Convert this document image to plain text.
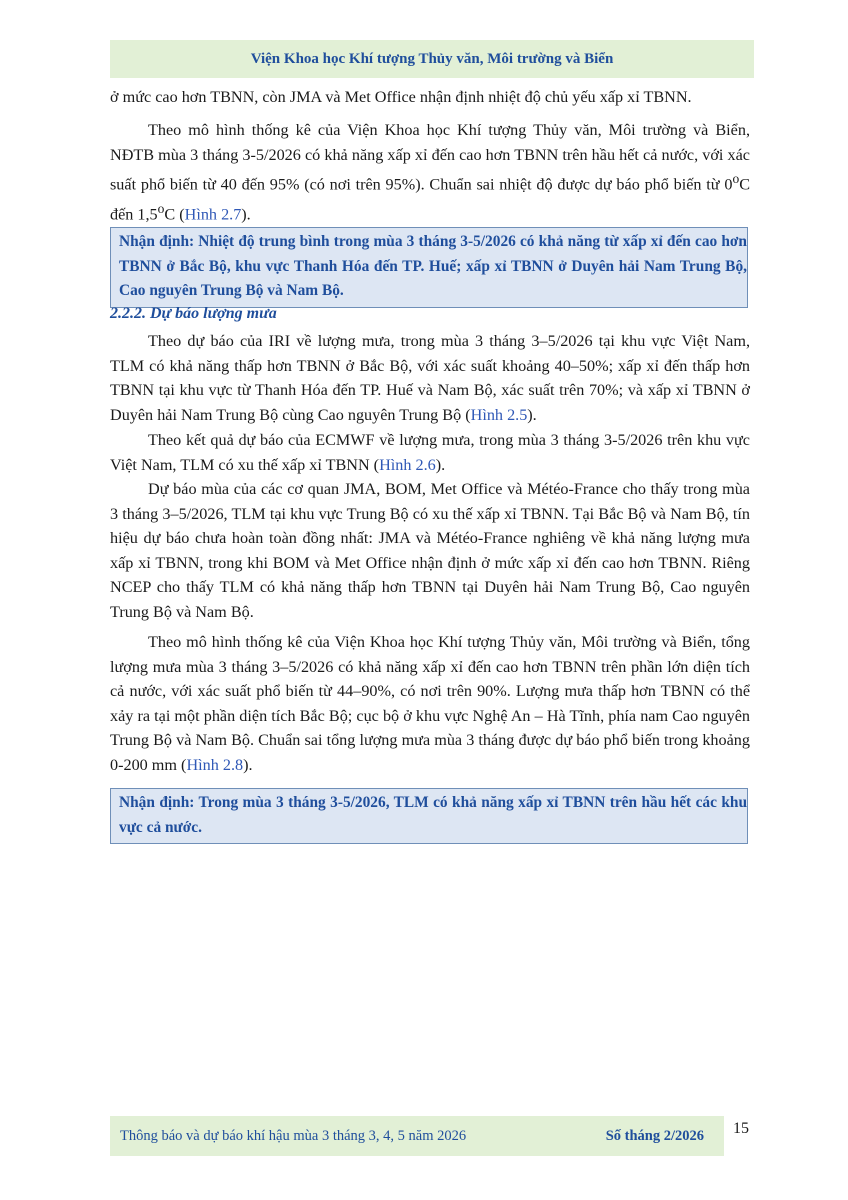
Viện Khoa học Khí tượng Thủy văn, Môi trường và Biển

ở mức cao hơn TBNN, còn JMA và Met Office nhận định nhiệt độ chủ yếu xấp xỉ TBNN.

Theo mô hình thống kê của Viện Khoa học Khí tượng Thủy văn, Môi trường và Biển, NĐTB mùa 3 tháng 3-5/2026 có khả năng xấp xỉ đến cao hơn TBNN trên hầu hết cả nước, với xác suất phổ biến từ 40 đến 95% (có nơi trên 95%). Chuẩn sai nhiệt độ được dự báo phổ biến từ 0$^o$C đến 1,5$^o$C (Hình 2.7).

Nhận định: Nhiệt độ trung bình trong mùa 3 tháng 3-5/2026 có khả năng từ xấp xỉ đến cao hơn TBNN ở Bắc Bộ, khu vực Thanh Hóa đến TP. Huế; xấp xỉ TBNN ở Duyên hải Nam Trung Bộ, Cao nguyên Trung Bộ và Nam Bộ.
2.2.2. Dự báo lượng mưa

Theo dự báo của IRI về lượng mưa, trong mùa 3 tháng 3–5/2026 tại khu vực Việt Nam, TLM có khả năng thấp hơn TBNN ở Bắc Bộ, với xác suất khoảng 40–50%; xấp xỉ đến thấp hơn TBNN tại khu vực từ Thanh Hóa đến TP. Huế và Nam Bộ, xác suất trên 70%; và xấp xỉ TBNN ở Duyên hải Nam Trung Bộ cùng Cao nguyên Trung Bộ (Hình 2.5).

Theo kết quả dự báo của ECMWF về lượng mưa, trong mùa 3 tháng 3-5/2026 trên khu vực Việt Nam, TLM có xu thế xấp xỉ TBNN (Hình 2.6).

Dự báo mùa của các cơ quan JMA, BOM, Met Office và Météo-France cho thấy trong mùa 3 tháng 3–5/2026, TLM tại khu vực Trung Bộ có xu thế xấp xỉ TBNN. Tại Bắc Bộ và Nam Bộ, tín hiệu dự báo chưa hoàn toàn đồng nhất: JMA và Météo-France nghiêng về khả năng lượng mưa xấp xỉ TBNN, trong khi BOM và Met Office nhận định ở mức xấp xỉ đến cao hơn TBNN. Riêng NCEP cho thấy TLM có khả năng thấp hơn TBNN tại Duyên hải Nam Trung Bộ, Cao nguyên Trung Bộ và Nam Bộ.

Theo mô hình thống kê của Viện Khoa học Khí tượng Thủy văn, Môi trường và Biển, tổng lượng mưa mùa 3 tháng 3–5/2026 có khả năng xấp xỉ đến cao hơn TBNN trên phần lớn diện tích cả nước, với xác suất phổ biến từ 44–90%, có nơi trên 90%. Lượng mưa thấp hơn TBNN có thể xảy ra tại một phần diện tích Bắc Bộ; cục bộ ở khu vực Nghệ An – Hà Tĩnh, phía nam Cao nguyên Trung Bộ và Nam Bộ. Chuẩn sai tổng lượng mưa mùa 3 tháng được dự báo phổ biến trong khoảng 0-200 mm (Hình 2.8).

Nhận định: Trong mùa 3 tháng 3-5/2026, TLM có khả năng xấp xỉ TBNN trên hầu hết các khu vực cả nước.
Thông báo và dự báo khí hậu mùa 3 tháng 3, 4, 5 năm 2026	Số tháng 2/2026 15
